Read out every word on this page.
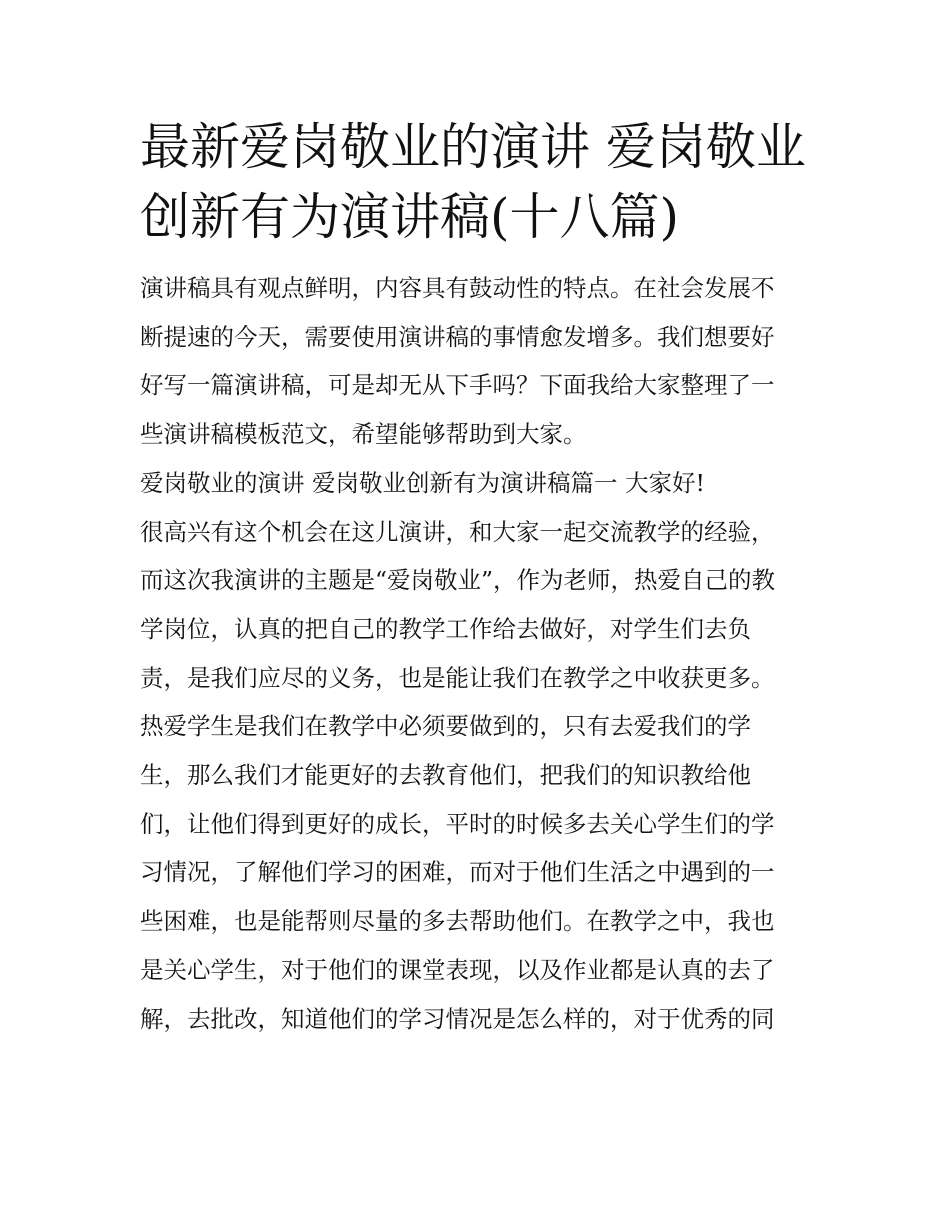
最新爱岗敬业的演讲 爱岗敬业
创新有为演讲稿(十八篇)
演讲稿具有观点鲜明，内容具有鼓动性的特点。在社会发展不
断提速的今天，需要使用演讲稿的事情愈发增多。我们想要好
好写一篇演讲稿，可是却无从下手吗？下面我给大家整理了一
些演讲稿模板范文，希望能够帮助到大家。
爱岗敬业的演讲 爱岗敬业创新有为演讲稿篇一 大家好!
很高兴有这个机会在这儿演讲，和大家一起交流教学的经验，
而这次我演讲的主题是“爱岗敬业”，作为老师，热爱自己的教
学岗位，认真的把自己的教学工作给去做好，对学生们去负
责，是我们应尽的义务，也是能让我们在教学之中收获更多。
热爱学生是我们在教学中必须要做到的，只有去爱我们的学
生，那么我们才能更好的去教育他们，把我们的知识教给他
们，让他们得到更好的成长，平时的时候多去关心学生们的学
习情况，了解他们学习的困难，而对于他们生活之中遇到的一
些困难，也是能帮则尽量的多去帮助他们。在教学之中，我也
是关心学生，对于他们的课堂表现，以及作业都是认真的去了
解，去批改，知道他们的学习情况是怎么样的，对于优秀的同
